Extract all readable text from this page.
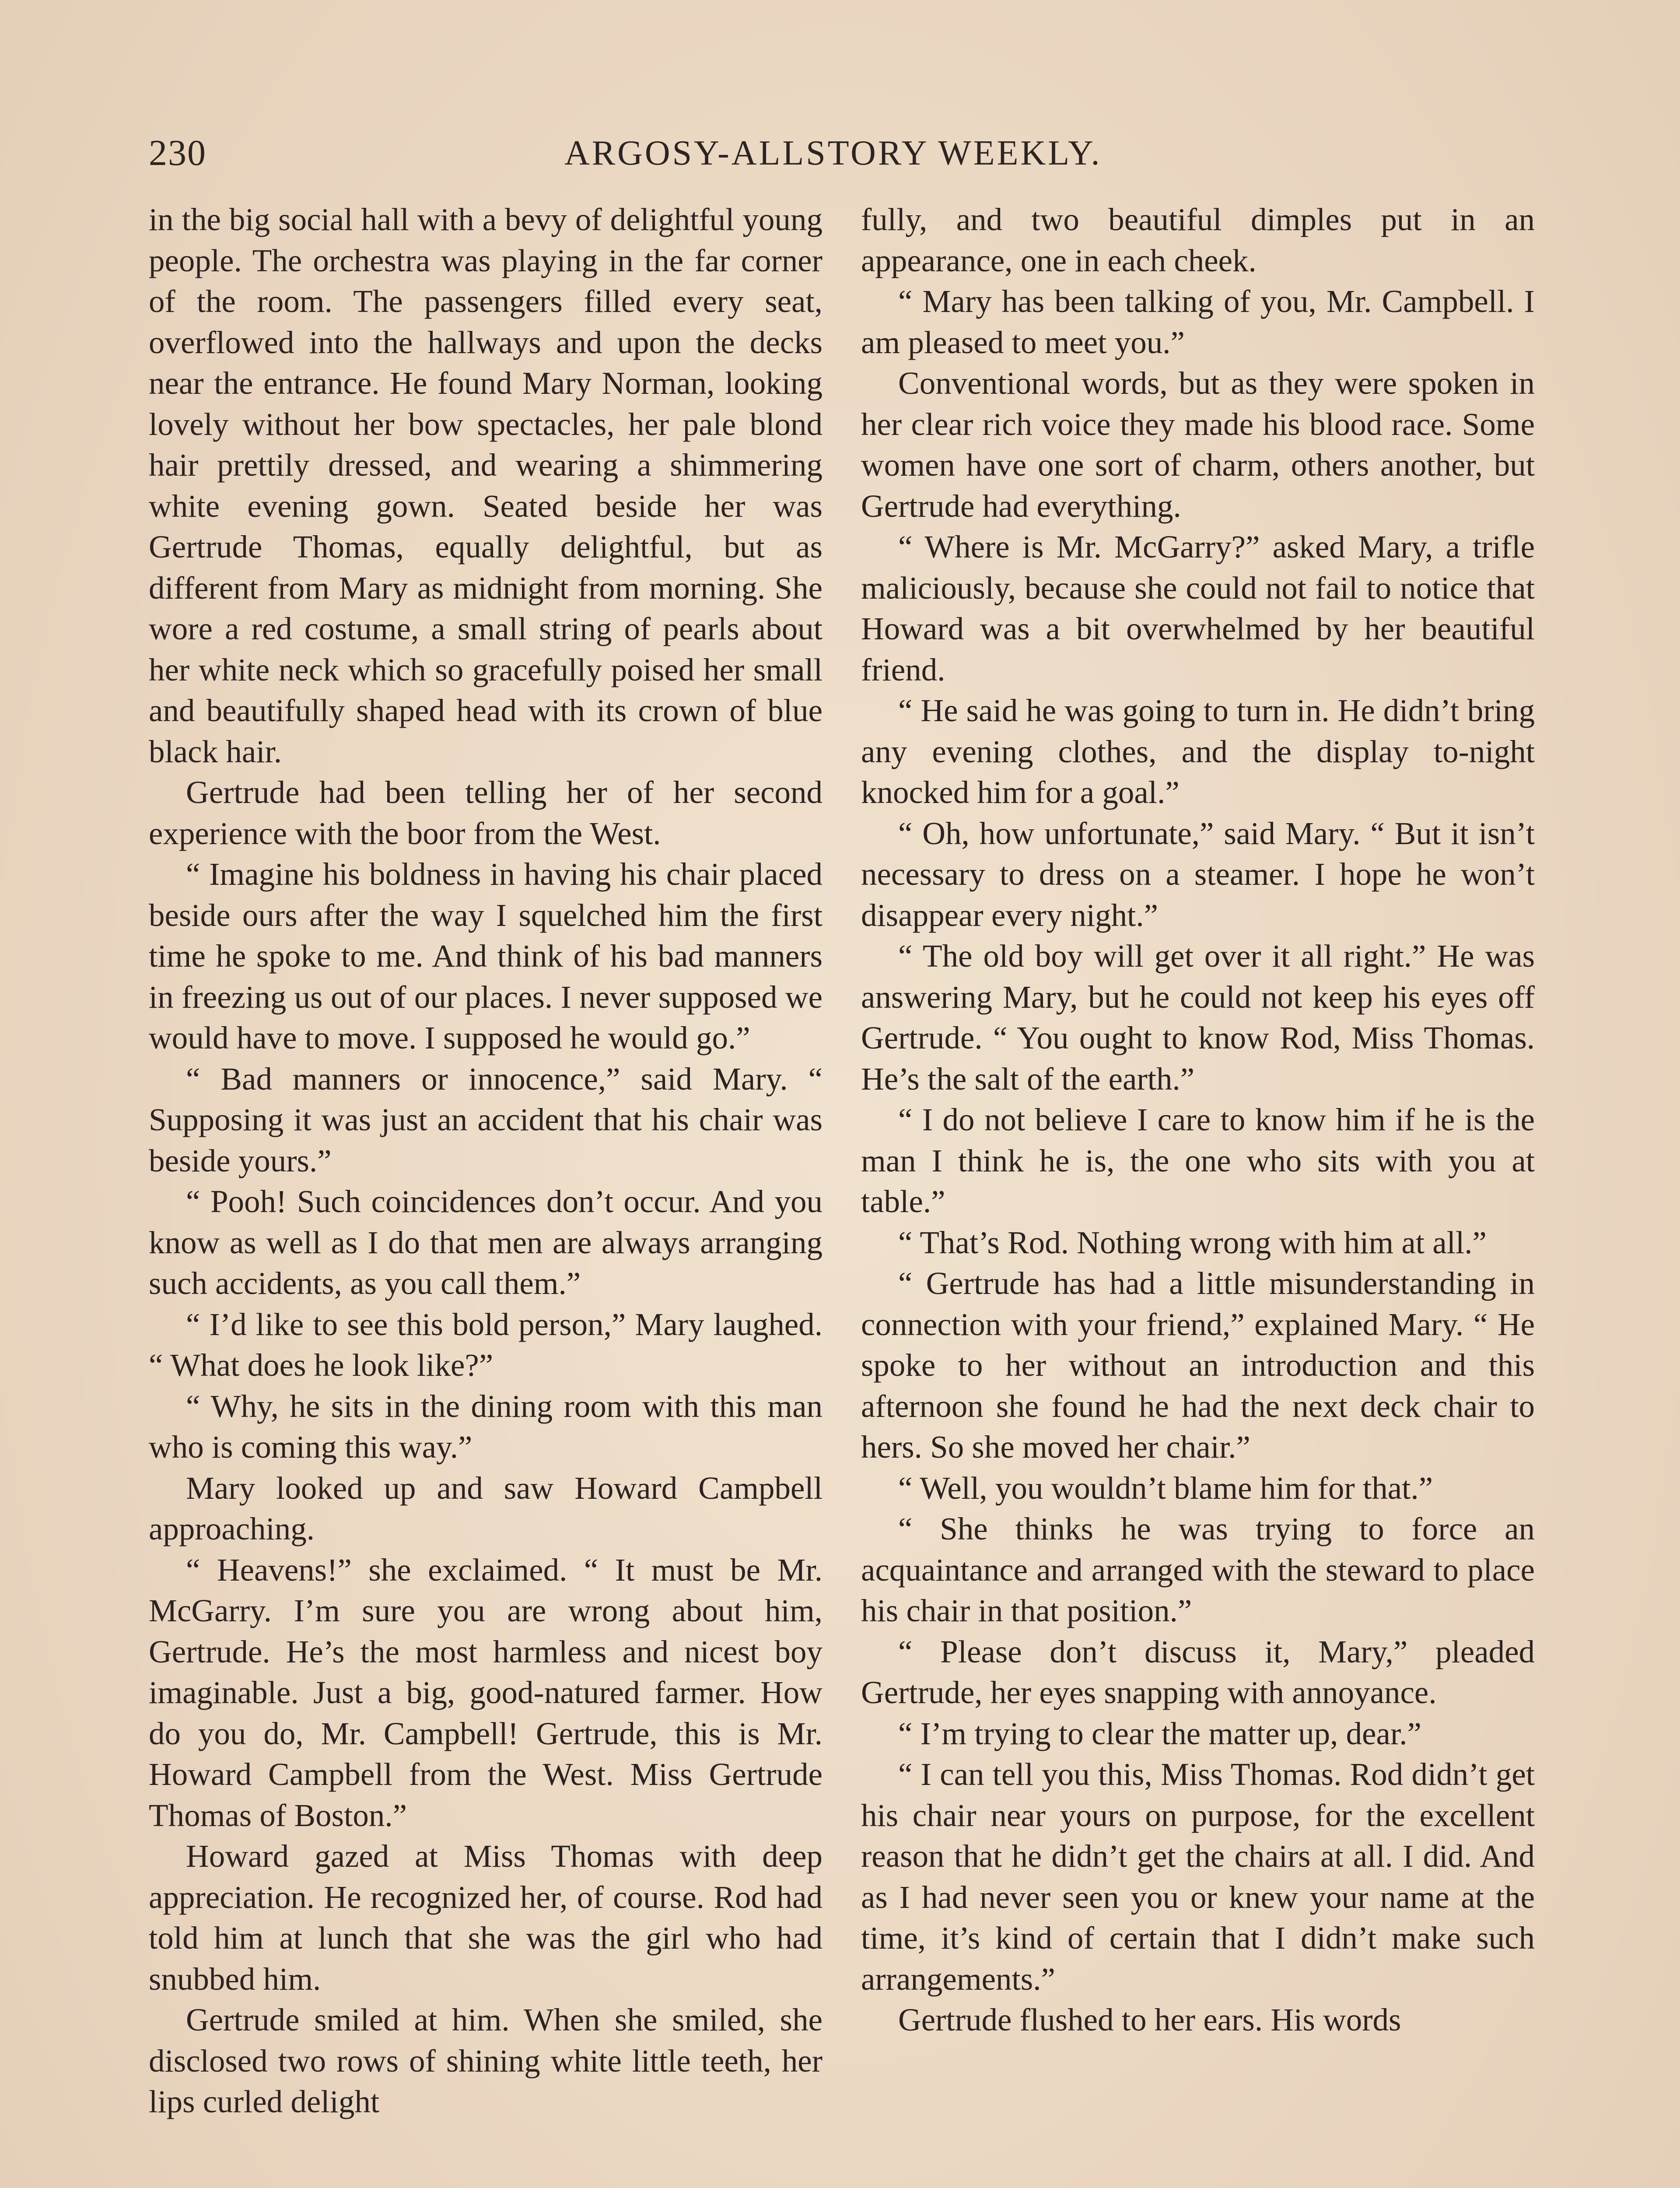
230	ARGOSY-ALLSTORY WEEKLY.

in the big social hall with a bevy of delightful young people. The orchestra was playing in the far corner of the room. The passengers filled every seat, overflowed into the hallways and upon the decks near the entrance. He found Mary Norman, looking lovely without her bow spectacles, her pale blond hair prettily dressed, and wearing a shimmering white evening gown. Seated beside her was Gertrude Thomas, equally delightful, but as different from Mary as midnight from morning. She wore a red costume, a small string of pearls about her white neck which so gracefully poised her small and beautifully shaped head with its crown of blue black hair.

Gertrude had been telling her of her second experience with the boor from the West.

“ Imagine his boldness in having his chair placed beside ours after the way I squelched him the first time he spoke to me. And think of his bad manners in freezing us out of our places. I never supposed we would have to move. I supposed he would go.”

“ Bad manners or innocence,” said Mary. “ Supposing it was just an accident that his chair was beside yours.”

“ Pooh! Such coincidences don’t occur. And you know as well as I do that men are always arranging such accidents, as you call them.”

“ I’d like to see this bold person,” Mary laughed. “ What does he look like?”

“ Why, he sits in the dining room with this man who is coming this way.”

Mary looked up and saw Howard Campbell approaching.

“ Heavens!” she exclaimed. “ It must be Mr. McGarry. I’m sure you are wrong about him, Gertrude. He’s the most harmless and nicest boy imaginable. Just a big, good-natured farmer. How do you do, Mr. Campbell! Gertrude, this is Mr. Howard Campbell from the West. Miss Gertrude Thomas of Boston.”

Howard gazed at Miss Thomas with deep appreciation. He recognized her, of course. Rod had told him at lunch that she was the girl who had snubbed him.

Gertrude smiled at him. When she smiled, she disclosed two rows of shining white little teeth, her lips curled delight

fully, and two beautiful dimples put in an appearance, one in each cheek.

“ Mary has been talking of you, Mr. Campbell. I am pleased to meet you.”

Conventional words, but as they were spoken in her clear rich voice they made his blood race. Some women have one sort of charm, others another, but Gertrude had everything.

“ Where is Mr. McGarry?” asked Mary, a trifle maliciously, because she could not fail to notice that Howard was a bit overwhelmed by her beautiful friend.

“ He said he was going to turn in. He didn’t bring any evening clothes, and the display to-night knocked him for a goal.”

“ Oh, how unfortunate,” said Mary. “ But it isn’t necessary to dress on a steamer. I hope he won’t disappear every night.”

“ The old boy will get over it all right.” He was answering Mary, but he could not keep his eyes off Gertrude. “ You ought to know Rod, Miss Thomas. He’s the salt of the earth.”

“ I do not believe I care to know him if he is the man I think he is, the one who sits with you at table.”

“ That’s Rod. Nothing wrong with him at all.”

“ Gertrude has had a little misunderstanding in connection with your friend,” explained Mary. “ He spoke to her without an introduction and this afternoon she found he had the next deck chair to hers. So she moved her chair.”

“ Well, you wouldn’t blame him for that.”

“ She thinks he was trying to force an acquaintance and arranged with the steward to place his chair in that position.”

“ Please don’t discuss it, Mary,” pleaded Gertrude, her eyes snapping with annoyance.

“ I’m trying to clear the matter up, dear.”

“ I can tell you this, Miss Thomas. Rod didn’t get his chair near yours on purpose, for the excellent reason that he didn’t get the chairs at all. I did. And as I had never seen you or knew your name at the time, it’s kind of certain that I didn’t make such arrangements.”

Gertrude flushed to her ears. His words
